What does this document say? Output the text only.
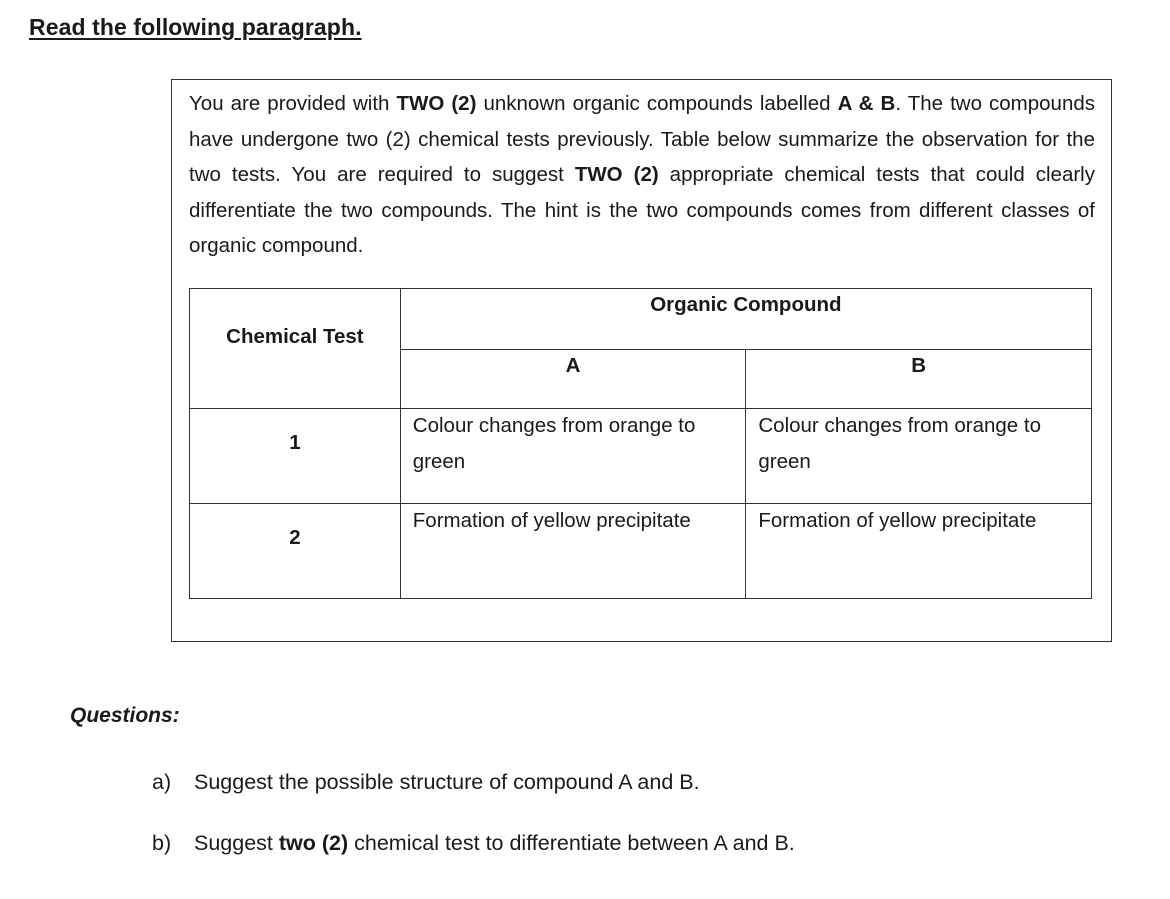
Read the following paragraph.
You are provided with TWO (2) unknown organic compounds labelled A & B. The two compounds have undergone two (2) chemical tests previously. Table below summarize the observation for the two tests. You are required to suggest TWO (2) appropriate chemical tests that could clearly differentiate the two compounds. The hint is the two compounds comes from different classes of organic compound.
Chemical Test	Organic Compound	
	A	B
1	Colour changes from orange to green	Colour changes from orange to green

2	Formation of yellow precipitate	Formation of yellow precipitate
Questions:
a) Suggest the possible structure of compound A and B.
b) Suggest two (2) chemical test to differentiate between A and B.
